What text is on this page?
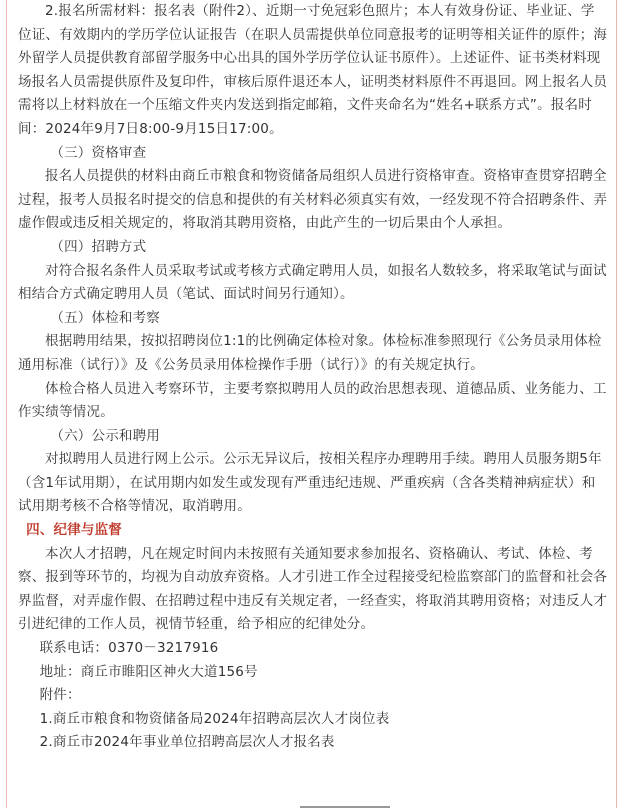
2.报名所需材料：报名表（附件2）、近期一寸免冠彩色照片；本人有效身份证、毕业证、学位证、有效期内的学历学位认证报告（在职人员需提供单位同意报考的证明等相关证件的原件；海外留学人员提供教育部留学服务中心出具的国外学历学位认证书原件）。上述证件、证书类材料现场报名人员需提供原件及复印件，审核后原件退还本人，证明类材料原件不再退回。网上报名人员需将以上材料放在一个压缩文件夹内发送到指定邮箱，文件夹命名为“姓名+联系方式”。报名时间：2024年9月7日8:00-9月15日17:00。

（三）资格审查

报名人员提供的材料由商丘市粮食和物资储备局组织人员进行资格审查。资格审查贯穿招聘全过程，报考人员报名时提交的信息和提供的有关材料必须真实有效，一经发现不符合招聘条件、弄虚作假或违反相关规定的，将取消其聘用资格，由此产生的一切后果由个人承担。

（四）招聘方式

对符合报名条件人员采取考试或考核方式确定聘用人员，如报名人数较多，将采取笔试与面试相结合方式确定聘用人员（笔试、面试时间另行通知）。

（五）体检和考察

根据聘用结果，按拟招聘岗位1:1的比例确定体检对象。体检标准参照现行《公务员录用体检通用标准（试行）》及《公务员录用体检操作手册（试行）》的有关规定执行。

体检合格人员进入考察环节，主要考察拟聘用人员的政治思想表现、道德品质、业务能力、工作实绩等情况。

（六）公示和聘用

对拟聘用人员进行网上公示。公示无异议后，按相关程序办理聘用手续。聘用人员服务期5年（含1年试用期），在试用期内如发生或发现有严重违纪违规、严重疾病（含各类精神病症状）和试用期考核不合格等情况，取消聘用。

四、纪律与监督

本次人才招聘，凡在规定时间内未按照有关通知要求参加报名、资格确认、考试、体检、考察、报到等环节的，均视为自动放弃资格。人才引进工作全过程接受纪检监察部门的监督和社会各界监督，对弄虚作假、在招聘过程中违反有关规定者，一经查实，将取消其聘用资格；对违反人才引进纪律的工作人员，视情节轻重，给予相应的纪律处分。

联系电话：0370－3217916

地址：商丘市睢阳区神火大道156号

附件：

1.商丘市粮食和物资储备局2024年招聘高层次人才岗位表

2.商丘市2024年事业单位招聘高层次人才报名表
